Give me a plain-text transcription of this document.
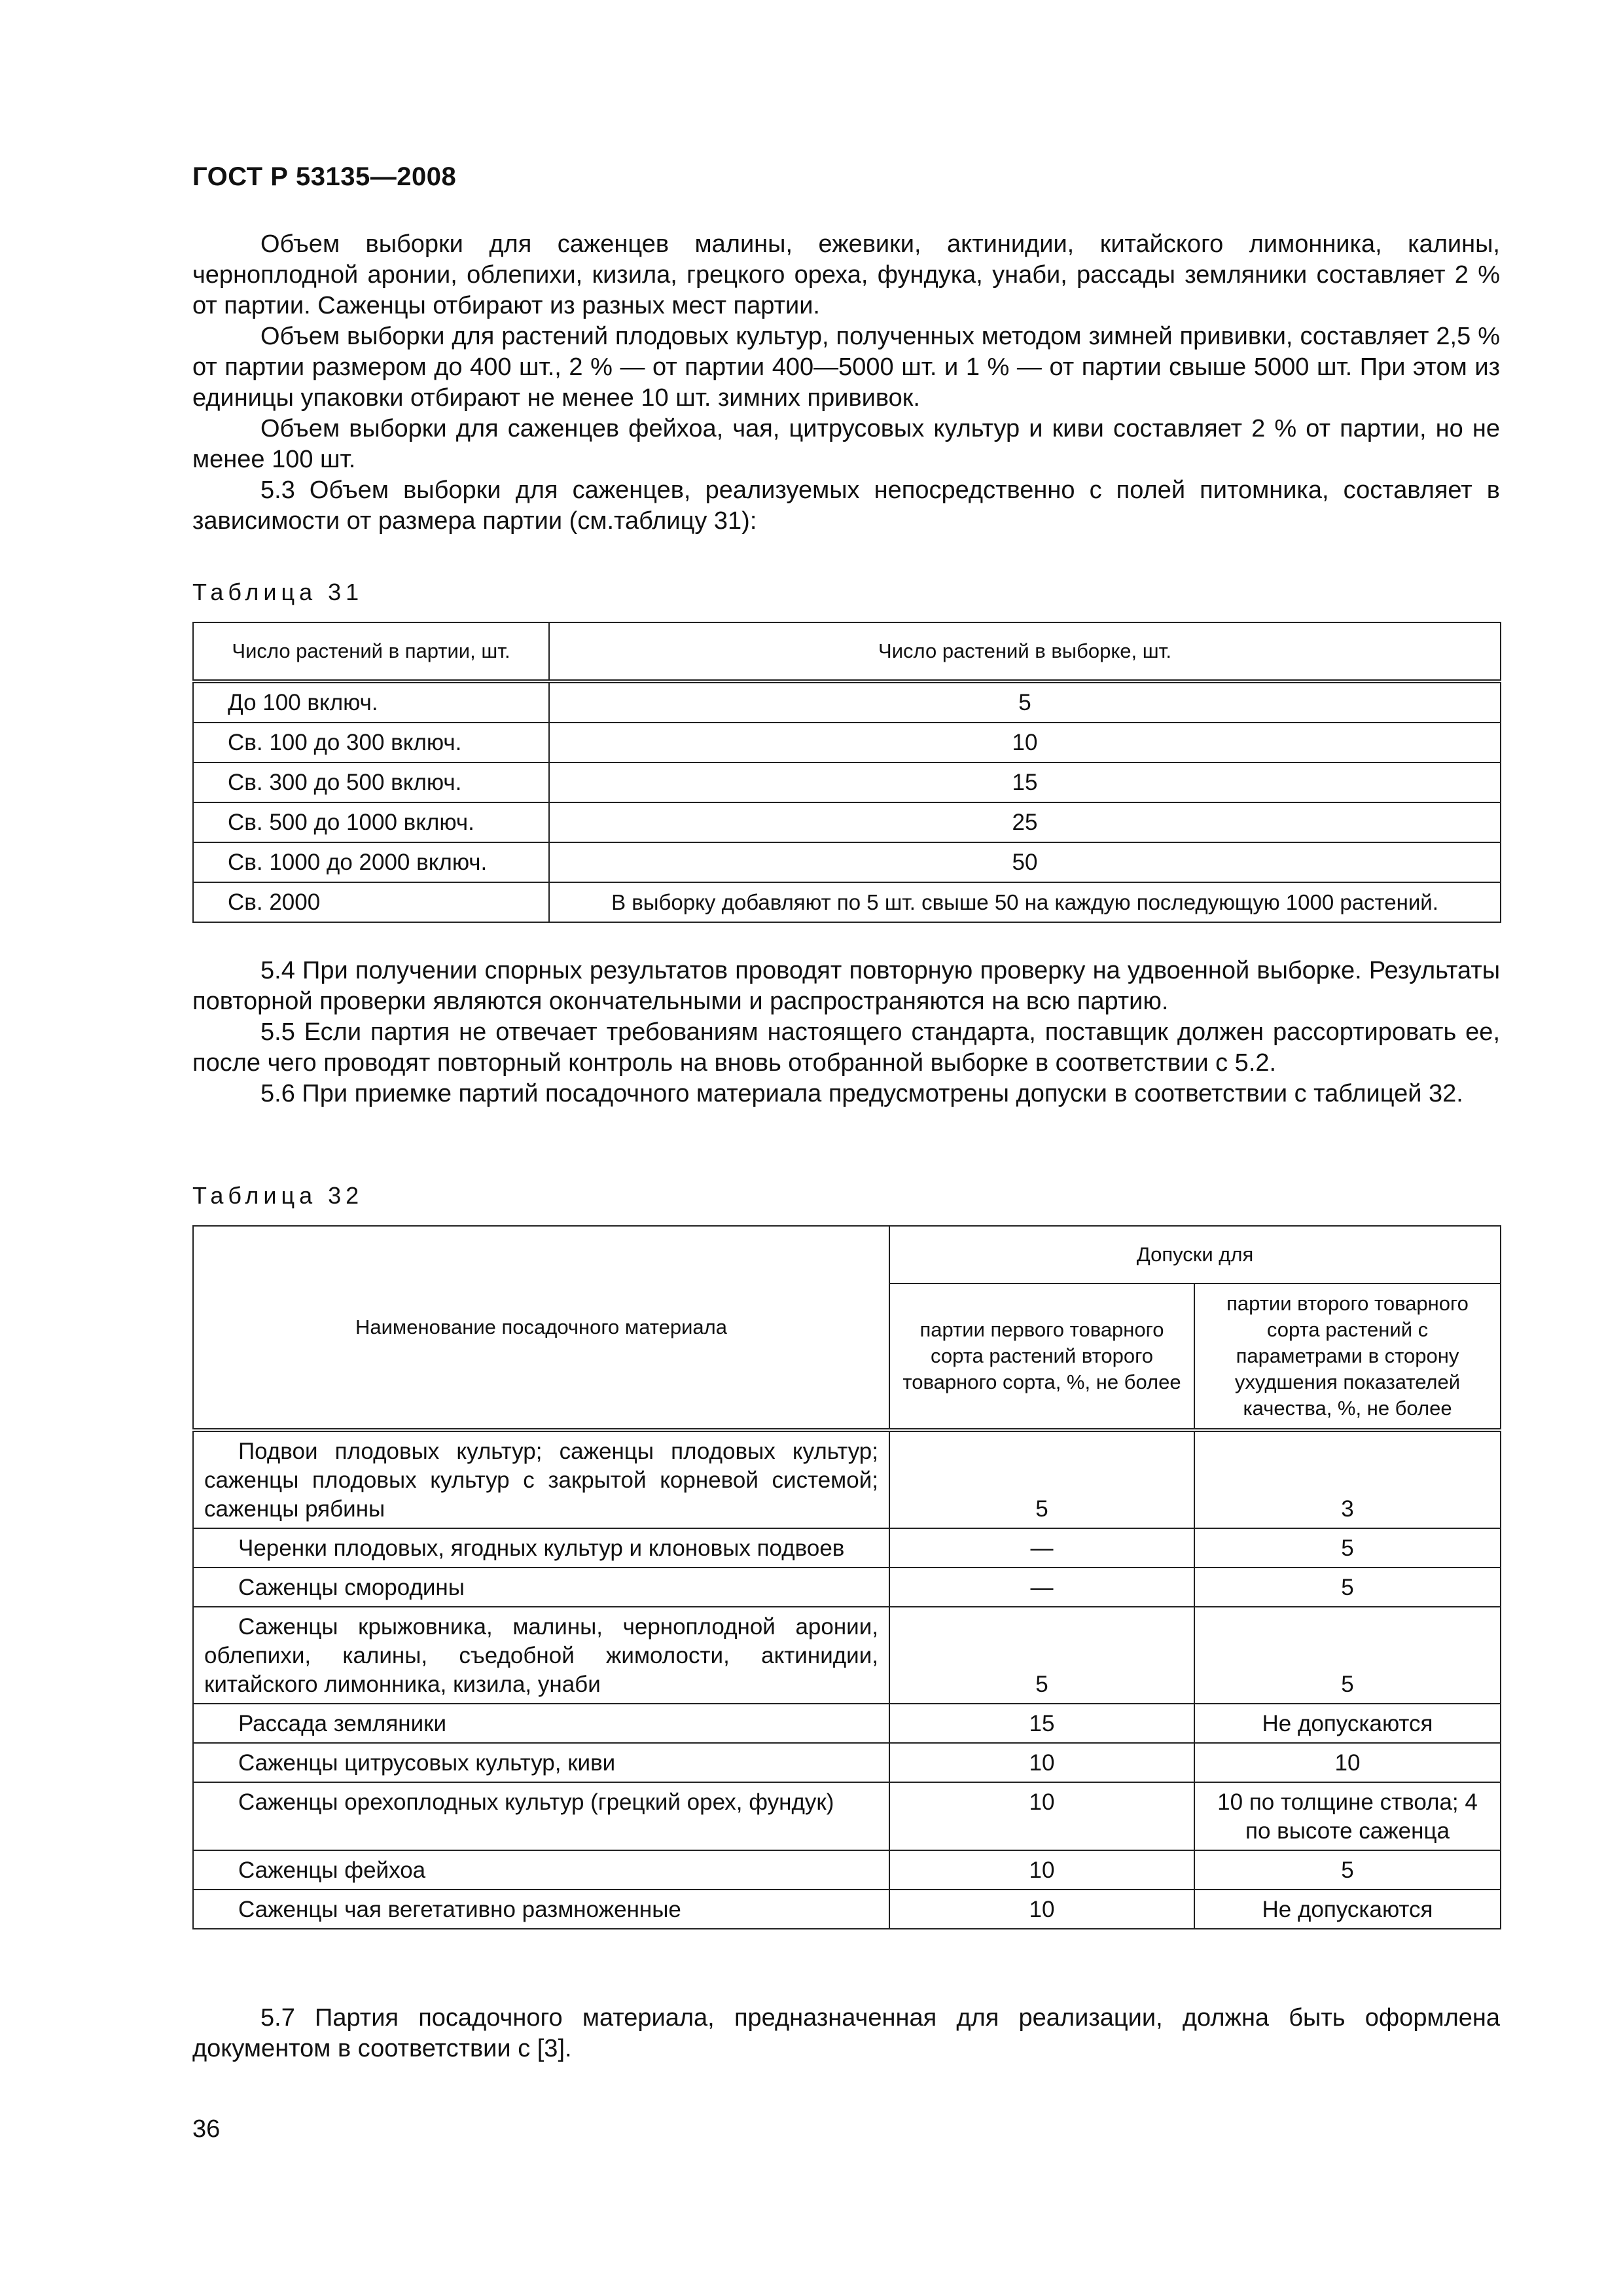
ГОСТ Р 53135—2008

Объем выборки для саженцев малины, ежевики, актинидии, китайского лимонника, калины, черноплодной аронии, облепихи, кизила, грецкого ореха, фундука, унаби, рассады земляники составляет 2 % от партии. Саженцы отбирают из разных мест партии.

Объем выборки для растений плодовых культур, полученных методом зимней прививки, составляет 2,5 % от партии размером до 400 шт., 2 % — от партии 400—5000 шт. и 1 % — от партии свыше 5000 шт. При этом из единицы упаковки отбирают не менее 10 шт. зимних прививок.

Объем выборки для саженцев фейхоа, чая, цитрусовых культур и киви составляет 2 % от партии, но не менее 100 шт.

5.3 Объем выборки для саженцев, реализуемых непосредственно с полей питомника, составляет в зависимости от размера партии (см.таблицу 31):

Таблица 31
Число растений в партии, шт.	Число растений в выборке, шт.
До 100 включ.	5
Св. 100 до 300 включ.	10
Св. 300 до 500 включ.	15
Св. 500 до 1000 включ.	25
Св. 1000 до 2000 включ.	50
Св. 2000	В выборку добавляют по 5 шт. свыше 50 на каждую последующую 1000 растений.

5.4 При получении спорных результатов проводят повторную проверку на удвоенной выборке. Результаты повторной проверки являются окончательными и распространяются на всю партию.

5.5 Если партия не отвечает требованиям настоящего стандарта, поставщик должен рассортировать ее, после чего проводят повторный контроль на вновь отобранной выборке в соответствии с 5.2.

5.6 При приемке партий посадочного материала предусмотрены допуски в соответствии с таблицей 32.

Таблица 32
Наименование посадочного материала	Допуски для	
	партии первого товарного сорта растений второго товарного сорта, %, не более	партии второго товарного сорта растений с параметрами в сторону ухудшения показателей качества, %, не более

Подвои плодовых культур; саженцы плодовых культур; саженцы плодовых культур с закрытой корневой системой; саженцы рябины	5	3

Черенки плодовых, ягодных культур и клоновых подвоев	—	5

Саженцы смородины	—	5

Саженцы крыжовника, малины, черноплодной аронии, облепихи, калины, съедобной жимолости, актинидии, китайского лимонника, кизила, унаби	5	5

Рассада земляники	15	Не допускаются

Саженцы цитрусовых культур, киви	10	10

Саженцы орехоплодных культур (грецкий орех, фундук)	10	10 по толщине ствола; 4 по высоте саженца

Саженцы фейхоа	10	5

Саженцы чая вегетативно размноженные	10	Не допускаются

5.7 Партия посадочного материала, предназначенная для реализации, должна быть оформлена документом в соответствии с [3].

36
